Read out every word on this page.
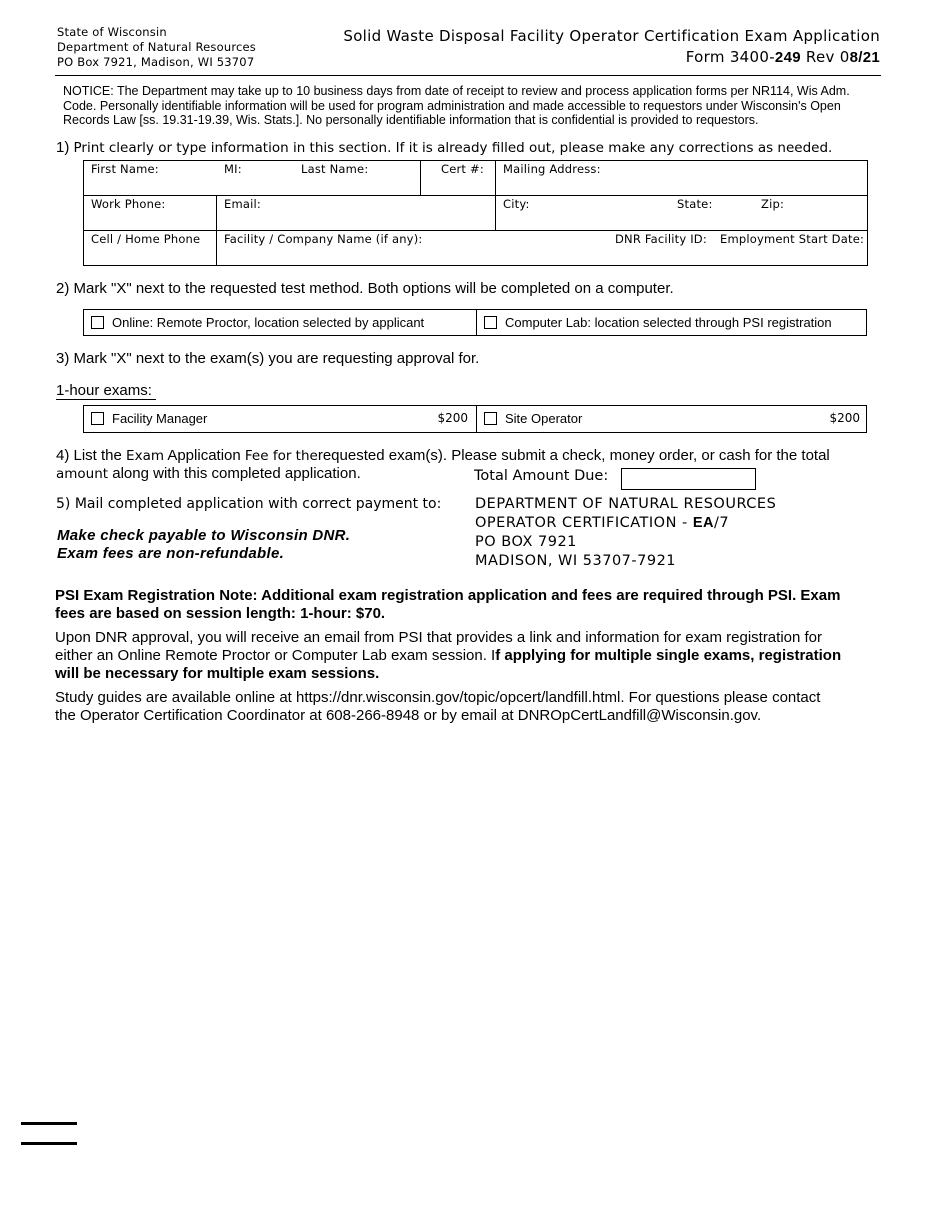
State of Wisconsin
Department of Natural Resources
PO Box 7921, Madison, WI 53707
Solid Waste Disposal Facility Operator Certification Exam Application
Form 3400-249 Rev 08/21
NOTICE: The Department may take up to 10 business days from date of receipt to review and process application forms per NR114, Wis Adm. Code. Personally identifiable information will be used for program administration and made accessible to requestors under Wisconsin's Open Records Law [ss. 19.31-19.39, Wis. Stats.]. No personally identifiable information that is confidential is provided to requestors.
1) Print clearly or type information in this section. If it is already filled out, please make any corrections as needed.
First Name: MI: Last Name: Cert #:		Mailing Address:

Work Phone:	Email:	City: State: Zip:

Cell / Home Phone	Facility / Company Name (if any): DNR Facility ID: Employment Start Date:	
2) Mark "X" next to the requested test method. Both options will be completed on a computer.
Online: Remote Proctor, location selected by applicant	Computer Lab: location selected through PSI registration
3) Mark "X" next to the exam(s) you are requesting approval for.
1-hour exams:
Facility Manager	$200	Site Operator	$200
4) List the Exam Application Fee for therequested exam(s). Please submit a check, money order, or cash for the total
amount along with this completed application.	Total Amount Due:
5) Mail completed application with correct payment to: DEPARTMENT OF NATURAL RESOURCES
OPERATOR CERTIFICATION - EA/7
PO BOX 7921
MADISON, WI 53707-7921
Make check payable to Wisconsin DNR.
Exam fees are non-refundable.
PSI Exam Registration Note: Additional exam registration application and fees are required through PSI. Exam fees are based on session length: 1-hour: $70.
Upon DNR approval, you will receive an email from PSI that provides a link and information for exam registration for either an Online Remote Proctor or Computer Lab exam session. If applying for multiple single exams, registration will be necessary for multiple exam sessions.
Study guides are available online at https://dnr.wisconsin.gov/topic/opcert/landfill.html. For questions please contact the Operator Certification Coordinator at 608-266-8948 or by email at DNROpCertLandfill@Wisconsin.gov.
